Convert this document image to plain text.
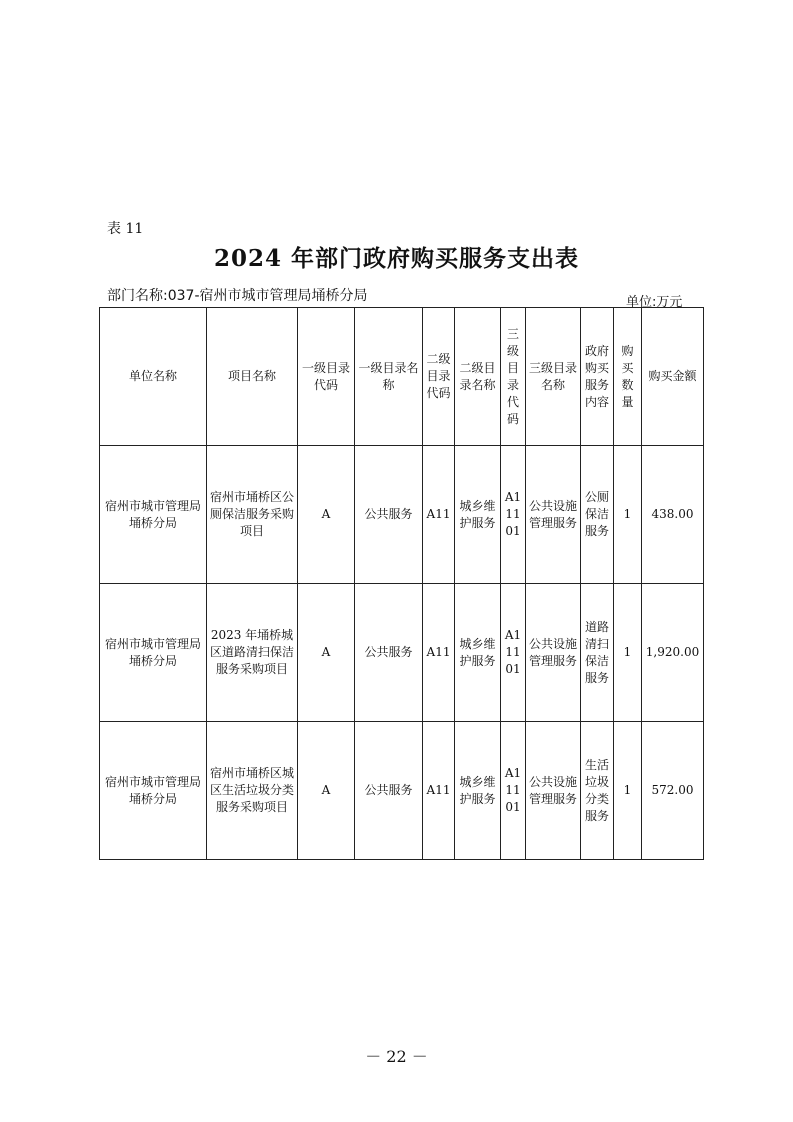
表 11
2024 年部门政府购买服务支出表
部门名称:037-宿州市城市管理局埇桥分局	单位:万元
单位名称	项目名称	一级目录代码	一级目录名称	二级目录代码	二级目录名称	三级目录代码	三级目录名称	政府购买服务内容	购买数量	购买金额
宿州市城市管理局埇桥分局	宿州市埇桥区公厕保洁服务采购项目	A	公共服务	A11	城乡维护服务	A11101	公共设施管理服务	公厕保洁服务	1	438.00
宿州市城市管理局埇桥分局	2023 年埇桥城区道路清扫保洁服务采购项目	A	公共服务	A11	城乡维护服务	A11101	公共设施管理服务	道路清扫保洁服务	1	1,920.00
宿州市城市管理局埇桥分局	宿州市埇桥区城区生活垃圾分类服务采购项目	A	公共服务	A11	城乡维护服务	A11101	公共设施管理服务	生活垃圾分类服务	1	572.00
－ 22 －
